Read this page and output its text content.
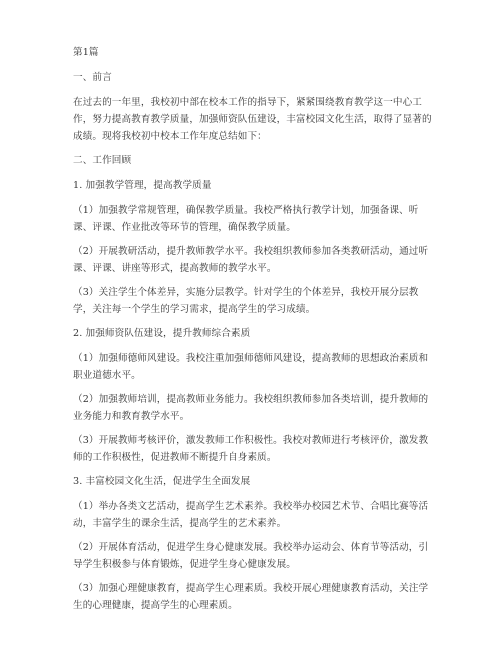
第1篇

一、前言

在过去的一年里，我校初中部在校本工作的指导下，紧紧围绕教育教学这一中心工作，努力提高教育教学质量，加强师资队伍建设，丰富校园文化生活，取得了显著的成绩。现将我校初中校本工作年度总结如下：

二、工作回顾

1. 加强教学管理，提高教学质量

（1）加强教学常规管理，确保教学质量。我校严格执行教学计划，加强备课、听课、评课、作业批改等环节的管理，确保教学质量。

（2）开展教研活动，提升教师教学水平。我校组织教师参加各类教研活动，通过听课、评课、讲座等形式，提高教师的教学水平。

（3）关注学生个体差异，实施分层教学。针对学生的个体差异，我校开展分层教学，关注每一个学生的学习需求，提高学生的学习成绩。

2. 加强师资队伍建设，提升教师综合素质

（1）加强师德师风建设。我校注重加强师德师风建设，提高教师的思想政治素质和职业道德水平。

（2）加强教师培训，提高教师业务能力。我校组织教师参加各类培训，提升教师的业务能力和教育教学水平。

（3）开展教师考核评价，激发教师工作积极性。我校对教师进行考核评价，激发教师的工作积极性，促进教师不断提升自身素质。

3. 丰富校园文化生活，促进学生全面发展

（1）举办各类文艺活动，提高学生艺术素养。我校举办校园艺术节、合唱比赛等活动，丰富学生的课余生活，提高学生的艺术素养。

（2）开展体育活动，促进学生身心健康发展。我校举办运动会、体育节等活动，引导学生积极参与体育锻炼，促进学生身心健康发展。

（3）加强心理健康教育，提高学生心理素质。我校开展心理健康教育活动，关注学生的心理健康，提高学生的心理素质。
